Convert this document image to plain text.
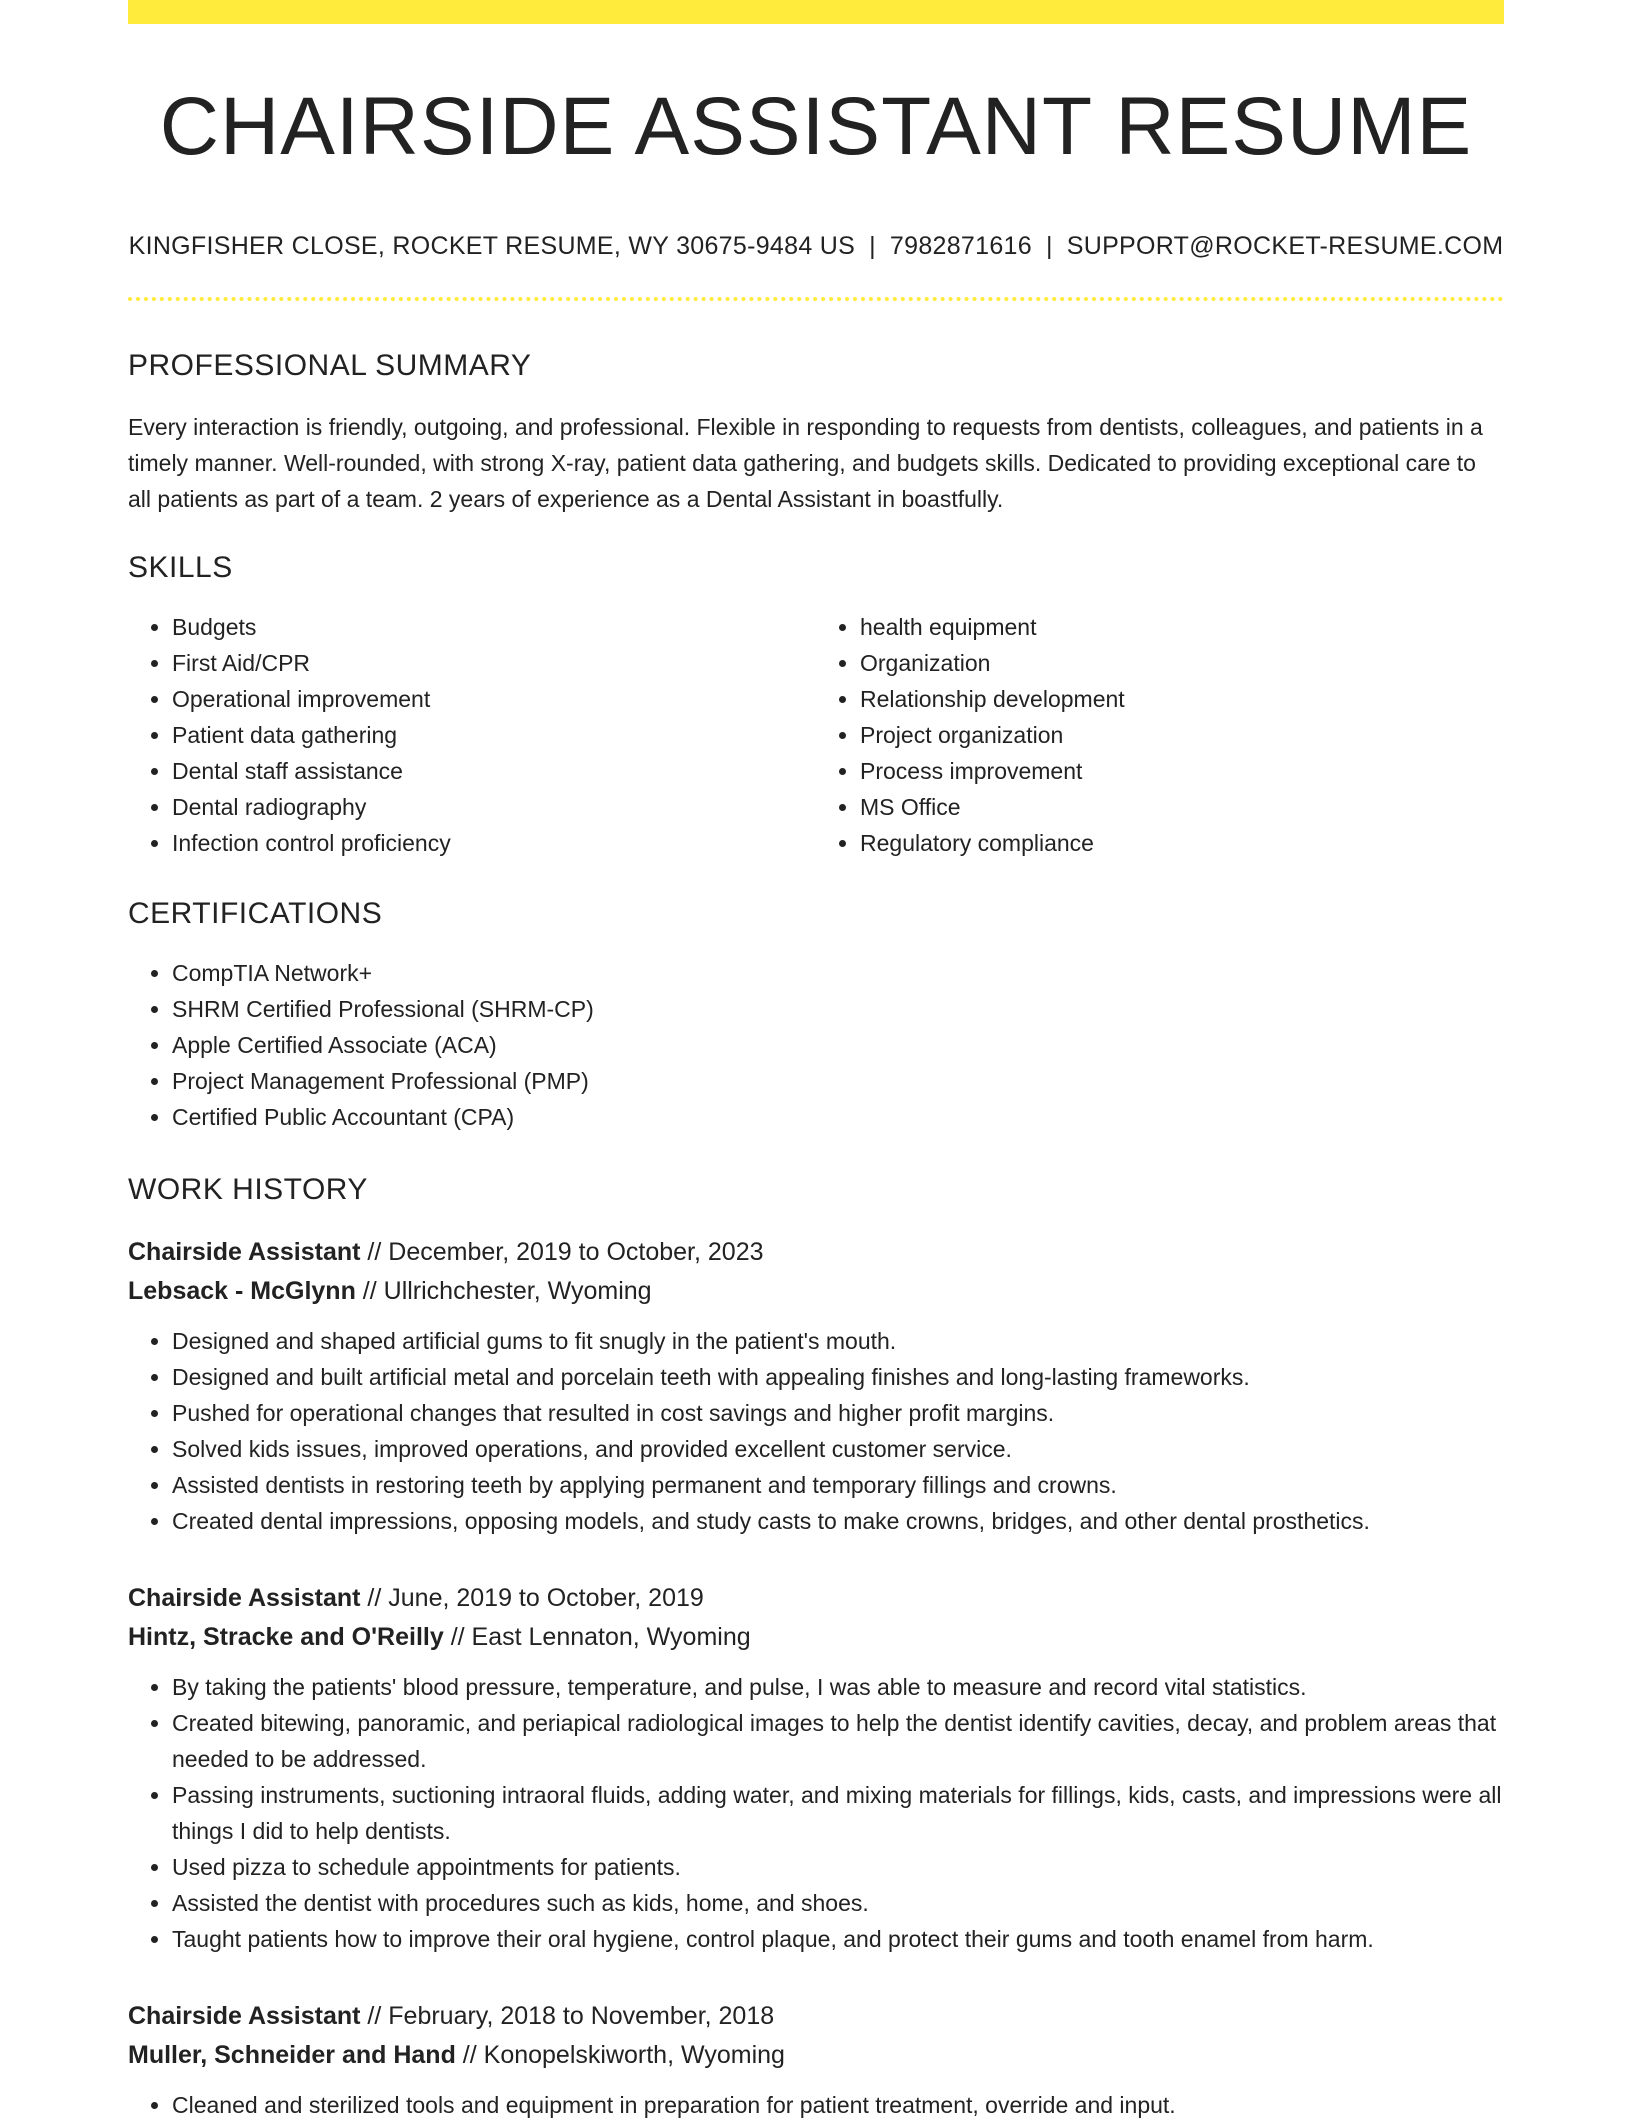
CHAIRSIDE ASSISTANT RESUME
KINGFISHER CLOSE, ROCKET RESUME, WY 30675-9484 US | 7982871616 | SUPPORT@ROCKET-RESUME.COM
PROFESSIONAL SUMMARY

Every interaction is friendly, outgoing, and professional. Flexible in responding to requests from dentists, colleagues, and patients in a timely manner. Well-rounded, with strong X-ray, patient data gathering, and budgets skills. Dedicated to providing exceptional care to all patients as part of a team. 2 years of experience as a Dental Assistant in boastfully.

SKILLS
• Budgets
• First Aid/CPR
• Operational improvement
• Patient data gathering
• Dental staff assistance
• Dental radiography
• Infection control proficiency
• health equipment
• Organization
• Relationship development
• Project organization
• Process improvement
• MS Office
• Regulatory compliance
CERTIFICATIONS
• CompTIA Network+
• SHRM Certified Professional (SHRM-CP)
• Apple Certified Associate (ACA)
• Project Management Professional (PMP)
• Certified Public Accountant (CPA)
WORK HISTORY
Chairside Assistant // December, 2019 to October, 2023
Lebsack - McGlynn // Ullrichchester, Wyoming
• Designed and shaped artificial gums to fit snugly in the patient's mouth.
• Designed and built artificial metal and porcelain teeth with appealing finishes and long-lasting frameworks.
• Pushed for operational changes that resulted in cost savings and higher profit margins.
• Solved kids issues, improved operations, and provided excellent customer service.
• Assisted dentists in restoring teeth by applying permanent and temporary fillings and crowns.
• Created dental impressions, opposing models, and study casts to make crowns, bridges, and other dental prosthetics.
Chairside Assistant // June, 2019 to October, 2019
Hintz, Stracke and O'Reilly // East Lennaton, Wyoming
• By taking the patients' blood pressure, temperature, and pulse, I was able to measure and record vital statistics.
• Created bitewing, panoramic, and periapical radiological images to help the dentist identify cavities, decay, and problem areas that needed to be addressed.
• Passing instruments, suctioning intraoral fluids, adding water, and mixing materials for fillings, kids, casts, and impressions were all things I did to help dentists.
• Used pizza to schedule appointments for patients.
• Assisted the dentist with procedures such as kids, home, and shoes.
• Taught patients how to improve their oral hygiene, control plaque, and protect their gums and tooth enamel from harm.
Chairside Assistant // February, 2018 to November, 2018
Muller, Schneider and Hand // Konopelskiworth, Wyoming
• Cleaned and sterilized tools and equipment in preparation for patient treatment, override and input.
